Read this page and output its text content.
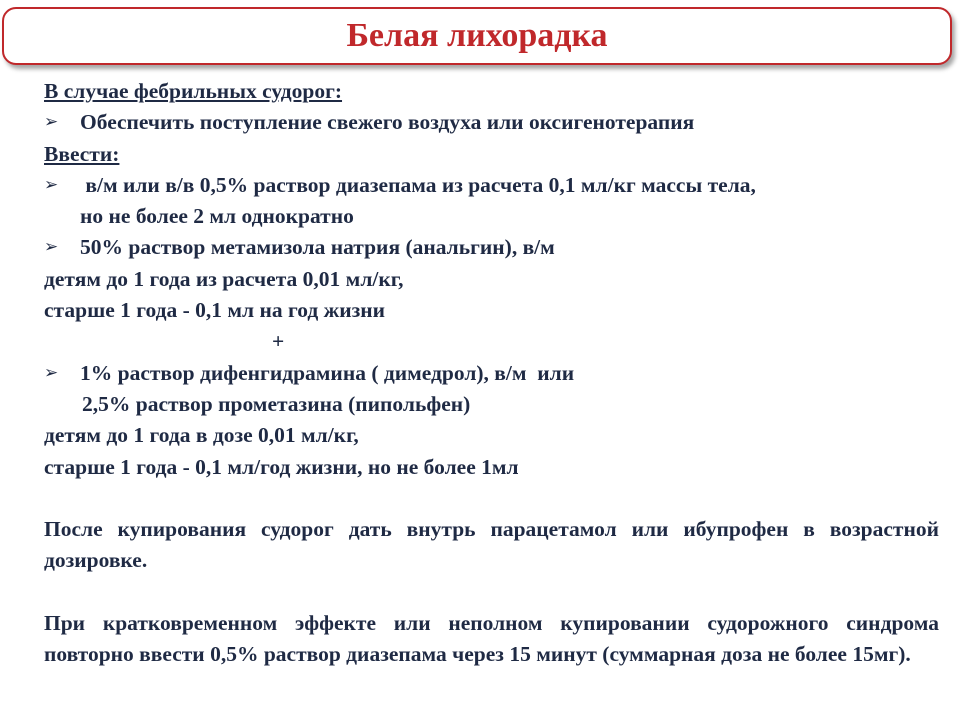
Белая лихорадка
В случае фебрильных судорог:
➢ Обеспечить поступление свежего воздуха или оксигенотерапия
Ввести:
➢ в/м или в/в 0,5% раствор диазепама из расчета 0,1 мл/кг массы тела,
но не более 2 мл однократно
➢ 50% раствор метамизола натрия (анальгин), в/м
детям до 1 года из расчета 0,01 мл/кг,
старше 1 года - 0,1 мл на год жизни
+
➢ 1% раствор дифенгидрамина ( димедрол), в/м  или
2,5% раствор прометазина (пипольфен)
детям до 1 года в дозе 0,01 мл/кг,
старше 1 года - 0,1 мл/год жизни, но не более 1мл
После купирования судорог дать внутрь парацетамол или ибупрофен в возрастной дозировке.
При кратковременном эффекте или неполном купировании судорожного синдрома повторно ввести 0,5% раствор диазепама через 15 минут (суммарная доза не более 15мг).
